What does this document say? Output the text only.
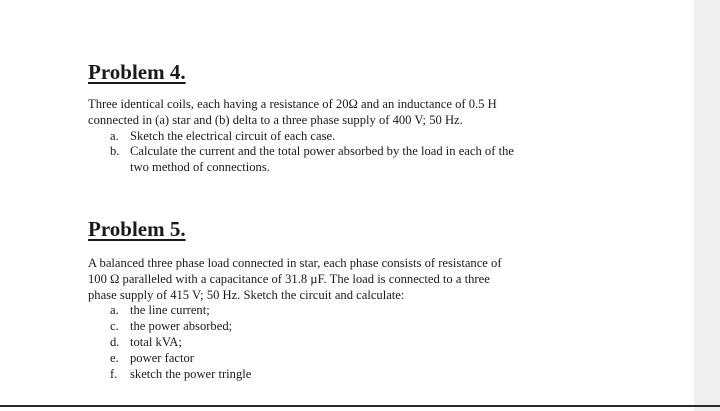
Problem 4.

Three identical coils, each having a resistance of 20Ω and an inductance of 0.5 H
connected in (a) star and (b) delta to a three phase supply of 400 V; 50 Hz.

a. Sketch the electrical circuit of each case.
b. Calculate the current and the total power absorbed by the load in each of the
two method of connections.
Problem 5.

A balanced three phase load connected in star, each phase consists of resistance of
100 Ω paralleled with a capacitance of 31.8 µF. The load is connected to a three
phase supply of 415 V; 50 Hz. Sketch the circuit and calculate:

a. the line current;
c. the power absorbed;
d. total kVA;
e. power factor
f.	sketch the power tringle
